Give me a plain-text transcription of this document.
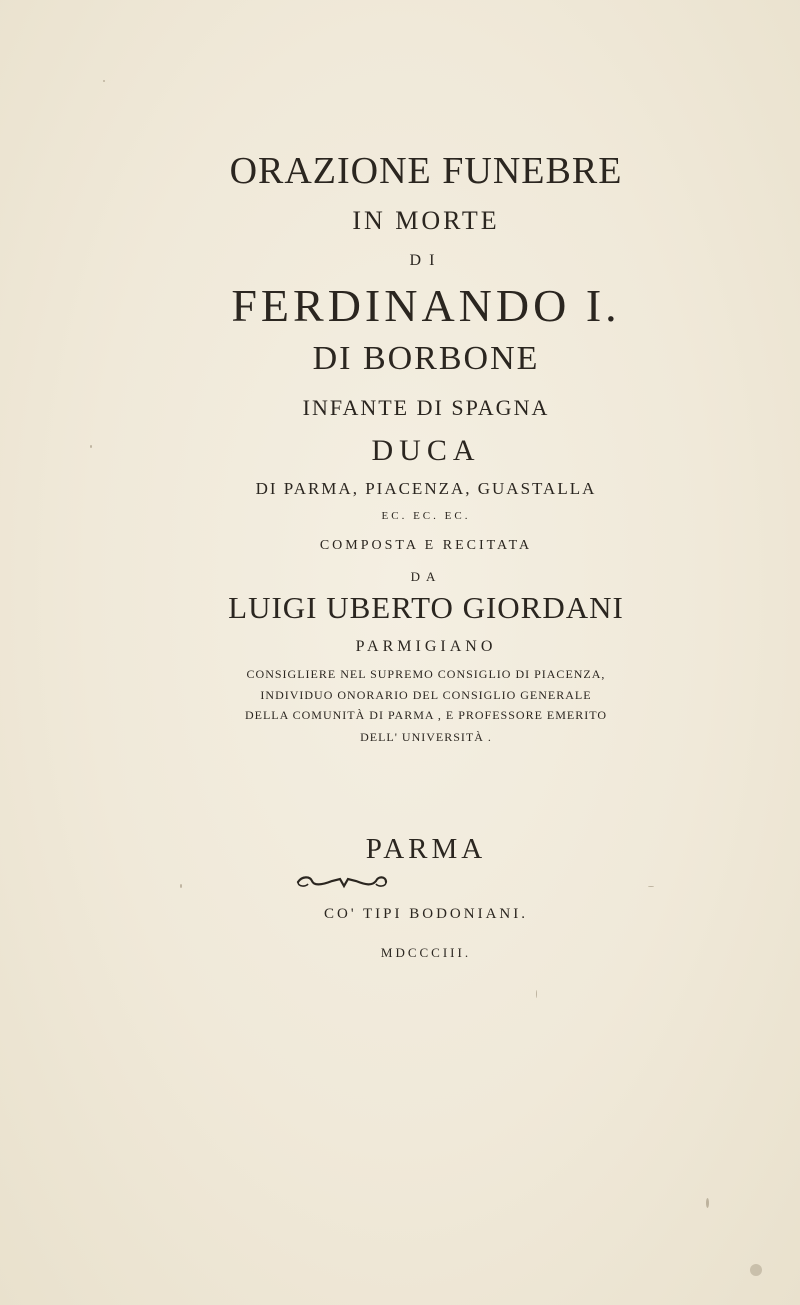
ORAZIONE FUNEBRE
IN MORTE
DI
FERDINANDO I.
DI BORBONE
INFANTE DI SPAGNA
DUCA
DI PARMA, PIACENZA, GUASTALLA
EC. EC. EC.
COMPOSTA E RECITATA
DA
LUIGI UBERTO GIORDANI
PARMIGIANO
CONSIGLIERE NEL SUPREMO CONSIGLIO DI PIACENZA,
INDIVIDUO ONORARIO DEL CONSIGLIO GENERALE
DELLA COMUNITÀ DI PARMA , E PROFESSORE EMERITO
DELL' UNIVERSITÀ .
PARMA
CO' TIPI BODONIANI.
MDCCCIII.
